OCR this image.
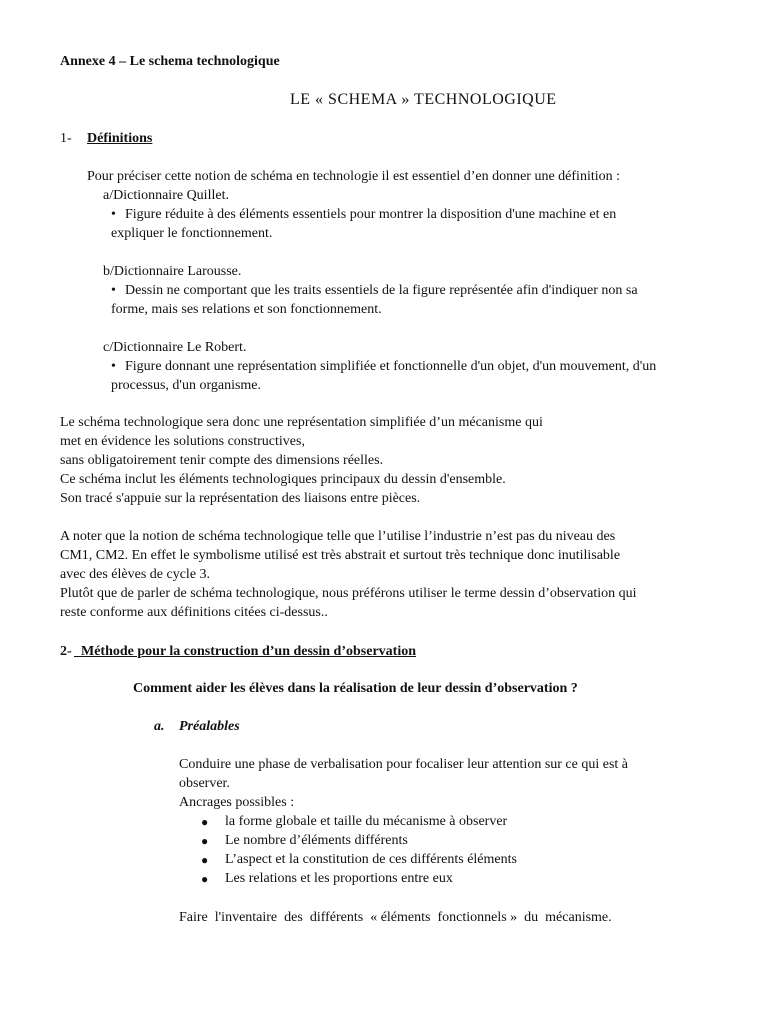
Annexe 4 – Le schema technologique
LE « SCHEMA » TECHNOLOGIQUE
1- Définitions
Pour préciser cette notion de schéma en technologie il est essentiel d’en donner une définition :
a/Dictionnaire Quillet.
• Figure réduite à des éléments essentiels pour montrer la disposition d'une machine et en
expliquer le fonctionnement.
b/Dictionnaire Larousse.
• Dessin ne comportant que les traits essentiels de la figure représentée afin d'indiquer non sa
forme, mais ses relations et son fonctionnement.
c/Dictionnaire Le Robert.
• Figure donnant une représentation simplifiée et fonctionnelle d'un objet, d'un mouvement, d'un
processus, d'un organisme.
Le schéma technologique sera donc une représentation simplifiée d’un mécanisme qui
met en évidence les solutions constructives,
sans obligatoirement tenir compte des dimensions réelles.
Ce schéma inclut les éléments technologiques principaux du dessin d'ensemble.
Son tracé s'appuie sur la représentation des liaisons entre pièces.
A noter que la notion de schéma technologique telle que l’utilise l’industrie n’est pas du niveau des
CM1, CM2. En effet le symbolisme utilisé est très abstrait et surtout très technique donc inutilisable
avec des élèves de cycle 3.
Plutôt que de parler de schéma technologique, nous préférons utiliser le terme dessin d’observation qui
reste conforme aux définitions citées ci-dessus..
2- Méthode pour la construction d’un dessin d’observation
Comment aider les élèves dans la réalisation de leur dessin d’observation ?
a. Préalables
Conduire une phase de verbalisation pour focaliser leur attention sur ce qui est à
observer.
Ancrages possibles :
● la forme globale et taille du mécanisme à observer
● Le nombre d’éléments différents
● L’aspect et la constitution de ces différents éléments
● Les relations et les proportions entre eux
Faire  l'inventaire  des  différents  « éléments  fonctionnels »  du  mécanisme.
